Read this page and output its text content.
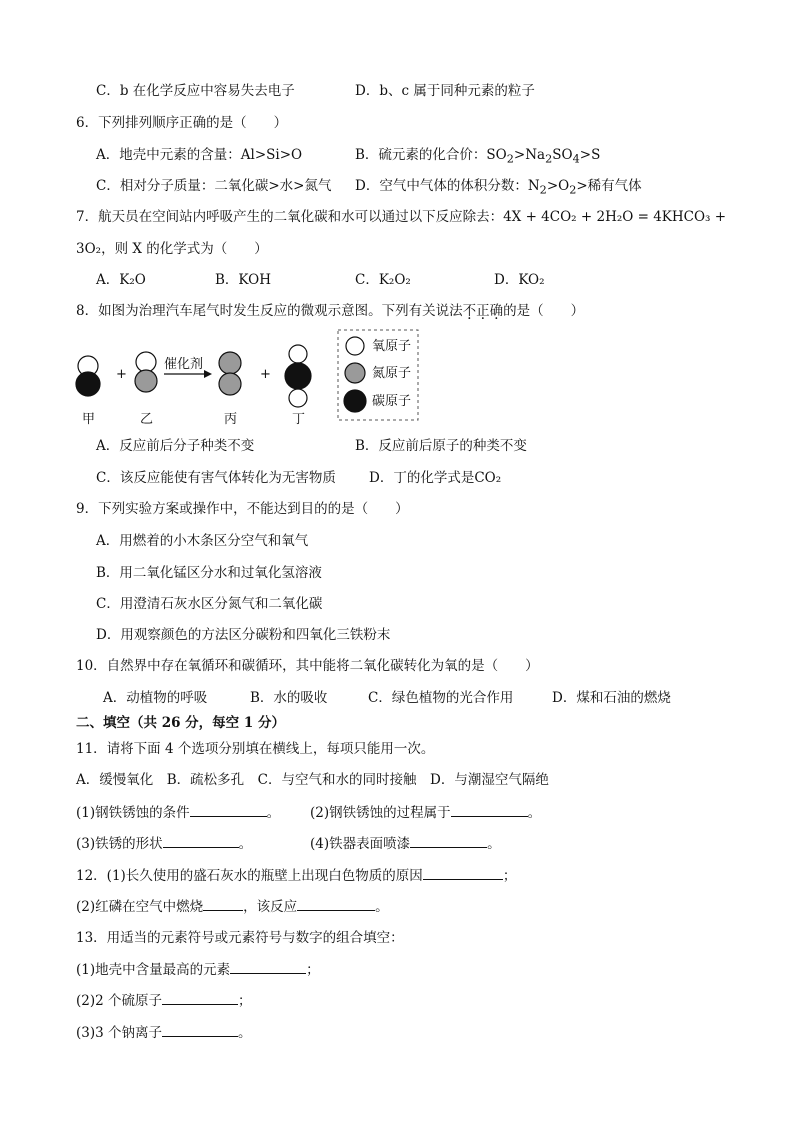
C．b 在化学反应中容易失去电子	D．b、c 属于同种元素的粒子
6．下列排列顺序正确的是（　　）
A．地壳中元素的含量：Al>Si>O	B．硫元素的化合价：$SO_2>Na_2SO_4>S$
C．相对分子质量：二氧化碳>水>氮气 D．空气中气体的体积分数：$N_2>O_2>$稀有气体
7．航天员在空间站内呼吸产生的二氧化碳和水可以通过以下反应除去：4X + 4CO₂ + 2H₂O = 4KHCO₃ +
3O₂，则 X 的化学式为（　　）
A．K₂O	B．KOH	C．K₂O₂	D．KO₂
8．如图为治理汽车尾气时发生反应的微观示意图。下列有关说法不正确的是（　　）
+
催化剂
+
甲	乙	丙	丁
氧原子
氮原子
碳原子
A．反应前后分子种类不变	B．反应前后原子的种类不变
C．该反应能使有害气体转化为无害物质 D．丁的化学式是CO₂
9．下列实验方案或操作中，不能达到目的的是（　　）
A．用燃着的小木条区分空气和氧气
B．用二氧化锰区分水和过氧化氢溶液
C．用澄清石灰水区分氮气和二氧化碳
D．用观察颜色的方法区分碳粉和四氧化三铁粉末
10．自然界中存在氧循环和碳循环，其中能将二氧化碳转化为氧的是（　　）
A．动植物的呼吸	B．水的吸收	C．绿色植物的光合作用	D．煤和石油的燃烧
二、填空（共 26 分，每空 1 分）
11．请将下面 4 个选项分别填在横线上，每项只能用一次。
A．缓慢氧化　B．疏松多孔　C．与空气和水的同时接触　D．与潮湿空气隔绝
(1)钢铁锈蚀的条件	。 (2)钢铁锈蚀的过程属于	。
(3)铁锈的形状	。	(4)铁器表面喷漆	。
12．(1)长久使用的盛石灰水的瓶壁上出现白色物质的原因	；
(2)红磷在空气中燃烧	，该反应	。
13．用适当的元素符号或元素符号与数字的组合填空：
(1)地壳中含量最高的元素	；
(2)2 个硫原子	；
(3)3 个钠离子	。
